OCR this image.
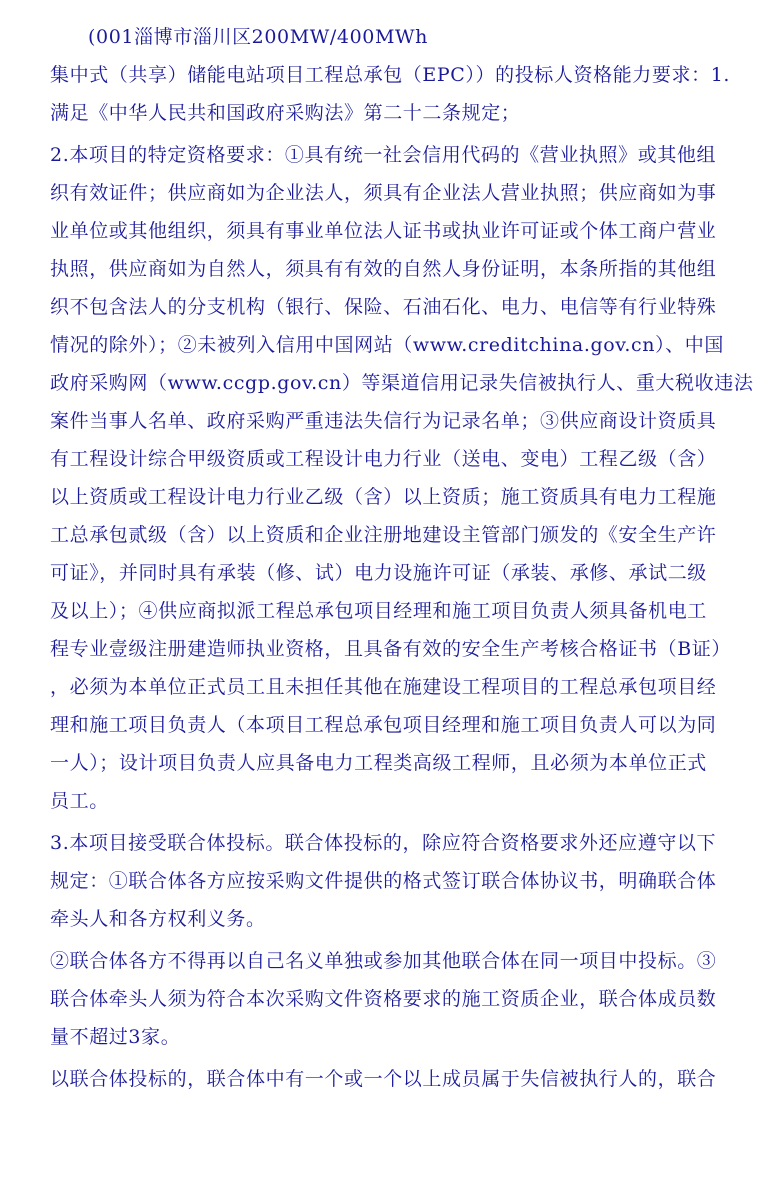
(001淄博市淄川区200MW/400MWh
集中式（共享）储能电站项目工程总承包（EPC））的投标人资格能力要求：1.
满足《中华人民共和国政府采购法》第二十二条规定；
2.本项目的特定资格要求：①具有统一社会信用代码的《营业执照》或其他组
织有效证件；供应商如为企业法人，须具有企业法人营业执照；供应商如为事
业单位或其他组织，须具有事业单位法人证书或执业许可证或个体工商户营业
执照，供应商如为自然人，须具有有效的自然人身份证明，本条所指的其他组
织不包含法人的分支机构（银行、保险、石油石化、电力、电信等有行业特殊
情况的除外）；②未被列入信用中国网站（www.creditchina.gov.cn）、中国
政府采购网（www.ccgp.gov.cn）等渠道信用记录失信被执行人、重大税收违法
案件当事人名单、政府采购严重违法失信行为记录名单；③供应商设计资质具
有工程设计综合甲级资质或工程设计电力行业（送电、变电）工程乙级（含）
以上资质或工程设计电力行业乙级（含）以上资质；施工资质具有电力工程施
工总承包贰级（含）以上资质和企业注册地建设主管部门颁发的《安全生产许
可证》，并同时具有承装（修、试）电力设施许可证（承装、承修、承试二级
及以上）；④供应商拟派工程总承包项目经理和施工项目负责人须具备机电工
程专业壹级注册建造师执业资格，且具备有效的安全生产考核合格证书（B证）
，必须为本单位正式员工且未担任其他在施建设工程项目的工程总承包项目经
理和施工项目负责人（本项目工程总承包项目经理和施工项目负责人可以为同
一人）；设计项目负责人应具备电力工程类高级工程师，且必须为本单位正式
员工。
3.本项目接受联合体投标。联合体投标的，除应符合资格要求外还应遵守以下
规定：①联合体各方应按采购文件提供的格式签订联合体协议书，明确联合体
牵头人和各方权利义务。
②联合体各方不得再以自己名义单独或参加其他联合体在同一项目中投标。③
联合体牵头人须为符合本次采购文件资格要求的施工资质企业，联合体成员数
量不超过3家。
以联合体投标的，联合体中有一个或一个以上成员属于失信被执行人的，联合
